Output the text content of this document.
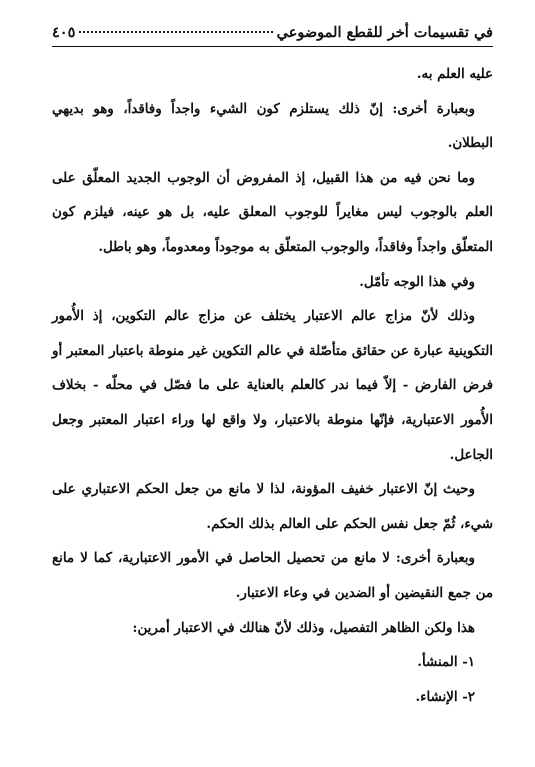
في تقسيمات أخر للقطع الموضوعي
٤٠٥

عليه العلم به.

وبعبارة أخرى: إنّ ذلك يستلزم كون الشيء واجداً وفاقداً، وهو بديهي البطلان.

وما نحن فيه من هذا القبيل، إذ المفروض أن الوجوب الجديد المعلّق على العلم بالوجوب ليس مغايراً للوجوب المعلق عليه، بل هو عينه، فيلزم كون المتعلّق واجداً وفاقداً، والوجوب المتعلّق به موجوداً ومعدوماً، وهو باطل.

وفي هذا الوجه تأمّل.

وذلك لأنّ مزاج عالم الاعتبار يختلف عن مزاج عالم التكوين، إذ الأُمور التكوينية عبارة عن حقائق متأصّلة في عالم التكوين غير منوطة باعتبار المعتبر أو فرض الفارض - إلاّ فيما ندر كالعلم بالعناية على ما فصّل في محلّه - بخلاف الأُمور الاعتبارية، فإنّها منوطة بالاعتبار، ولا واقع لها وراء اعتبار المعتبر وجعل الجاعل.

وحيث إنّ الاعتبار خفيف المؤونة، لذا لا مانع من جعل الحكم الاعتباري على شيء، ثُمّ جعل نفس الحكم على العالم بذلك الحكم.

وبعبارة أخرى: لا مانع من تحصيل الحاصل في الأمور الاعتبارية، كما لا مانع من جمع النقيضين أو الضدين في وعاء الاعتبار.

هذا ولكن الظاهر التفصيل، وذلك لأنّ هنالك في الاعتبار أمرين:

١- المنشأ.

٢- الإنشاء.
